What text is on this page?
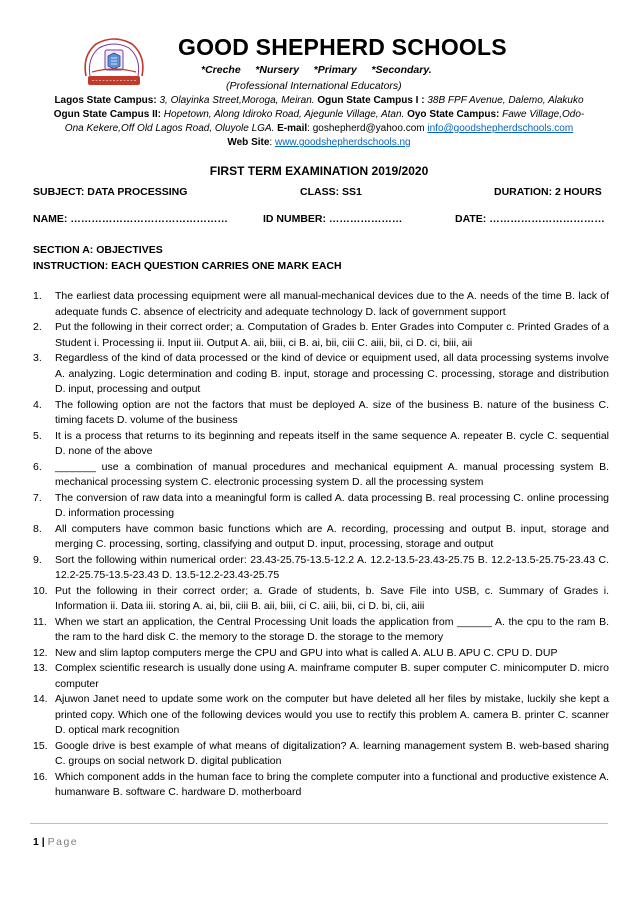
GOOD SHEPHERD SCHOOLS
*Creche     *Nursery     *Primary     *Secondary.
(Professional International Educators)
Lagos State Campus: 3, Olayinka Street,Moroga, Meiran. Ogun State Campus I : 38B FPF Avenue, Dalemo, Alakuko
Ogun State Campus II: Hopetown, Along Idiroko Road, Ajegunle Village, Atan. Oyo State Campus: Fawe Village,Odo-
Ona Kekere,Off Old Lagos Road, Oluyole LGA. E-mail: goshepherd@yahoo.com info@goodshepherdschools.com
Web Site: www.goodshepherdschools.ng
FIRST TERM EXAMINATION 2019/2020
SUBJECT: DATA PROCESSING	CLASS: SS1	DURATION: 2 HOURS
NAME: ………………………………………	ID NUMBER: …………………	DATE: ……………………………
SECTION A: OBJECTIVES
INSTRUCTION: EACH QUESTION CARRIES ONE MARK EACH
1. The earliest data processing equipment were all manual-mechanical devices due to the A. needs of the time B. lack of adequate funds C. absence of electricity and adequate technology D. lack of government support
2. Put the following in their correct order; a. Computation of Grades b. Enter Grades into Computer c. Printed Grades of a Student i. Processing ii. Input iii. Output A. aii, biii, ci B. ai, bii, ciii C. aiii, bii, ci D. ci, biii, aii
3. Regardless of the kind of data processed or the kind of device or equipment used, all data processing systems involve A. analyzing. Logic determination and coding B. input, storage and processing C. processing, storage and distribution D. input, processing and output
4. The following option are not the factors that must be deployed A. size of the business B. nature of the business C. timing facets D. volume of the business
5. It is a process that returns to its beginning and repeats itself in the same sequence A. repeater B. cycle C. sequential D. none of the above
6. _______ use a combination of manual procedures and mechanical equipment A. manual processing system B. mechanical processing system C. electronic processing system D. all the processing system
7. The conversion of raw data into a meaningful form is called A. data processing B. real processing C. online processing D. information processing
8. All computers have common basic functions which are A. recording, processing and output B. input, storage and merging C. processing, sorting, classifying and output D. input, processing, storage and output
9. Sort the following within numerical order: 23.43-25.75-13.5-12.2 A. 12.2-13.5-23.43-25.75 B. 12.2-13.5-25.75-23.43 C. 12.2-25.75-13.5-23.43 D. 13.5-12.2-23.43-25.75
10. Put the following in their correct order; a. Grade of students, b. Save File into USB, c. Summary of Grades i. Information ii. Data iii. storing A. ai, bii, ciii B. aii, biii, ci C. aiii, bii, ci D. bi, cii, aiii
11. When we start an application, the Central Processing Unit loads the application from ______ A. the cpu to the ram B. the ram to the hard disk C. the memory to the storage D. the storage to the memory
12. New and slim laptop computers merge the CPU and GPU into what is called A. ALU B. APU C. CPU D. DUP
13. Complex scientific research is usually done using A. mainframe computer B. super computer C. minicomputer D. micro computer
14. Ajuwon Janet need to update some work on the computer but have deleted all her files by mistake, luckily she kept a printed copy. Which one of the following devices would you use to rectify this problem A. camera B. printer C. scanner D. optical mark recognition
15. Google drive is best example of what means of digitalization? A. learning management system B. web-based sharing C. groups on social network D. digital publication
16. Which component adds in the human face to bring the complete computer into a functional and productive existence A. humanware B. software C. hardware D. motherboard
1 | Page
